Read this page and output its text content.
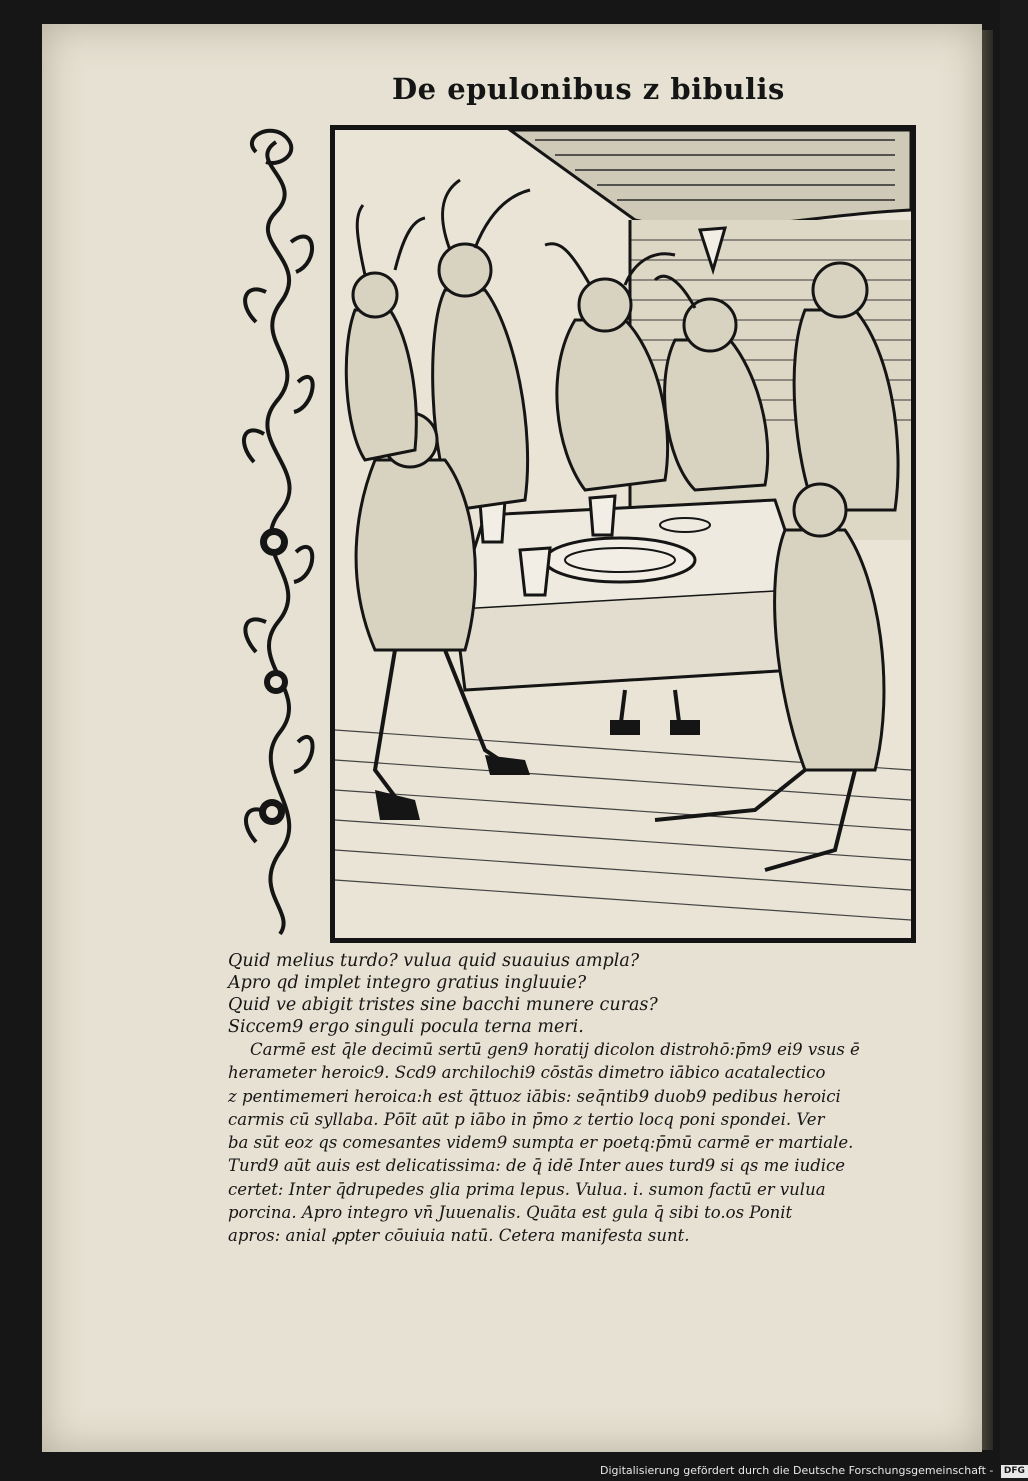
De epulonibus z bibulis
Quid melius turdo? vulua quid suauius ampla?
Apro qd implet integro gratius ingluuie?
Quid ve abigit tristes sine bacchi munere curas?
Siccem9 ergo singuli pocula terna meri.
Carmē est q̄le decimū sertū gen9 horatij dicolon distrohō:p̄m9 ei9 vsus ē
herameter heroic9. Scd9 archilochi9 cōstās dimetro iābico acatalectico
z pentimemeri heroica:h est q̄ttuoz iābis: seq̄ntib9 duob9 pedibus heroici
carmis cū syllaba. Pōīt aūt p iābo in p̄mo z tertio locq poni spondei. Ver
ba sūt eoz qs comesantes videm9 sumpta er poetq:p̄mū carmē er martiale.
Turd9 aūt auis est delicatissima: de q̄ idē Inter aues turd9 si qs me iudice
certet: Inter q̄drupedes glia prima lepus. Vulua. i. sumon factū er vulua
porcina. Apro integro vn̄ Juuenalis. Quāta est gula q̄ sibi to.os Ponit
apros: anial ꝓpter cōuiuia natū. Cetera manifesta sunt.
Digitalisierung gefördert durch die Deutsche Forschungsgemeinschaft - DFG
